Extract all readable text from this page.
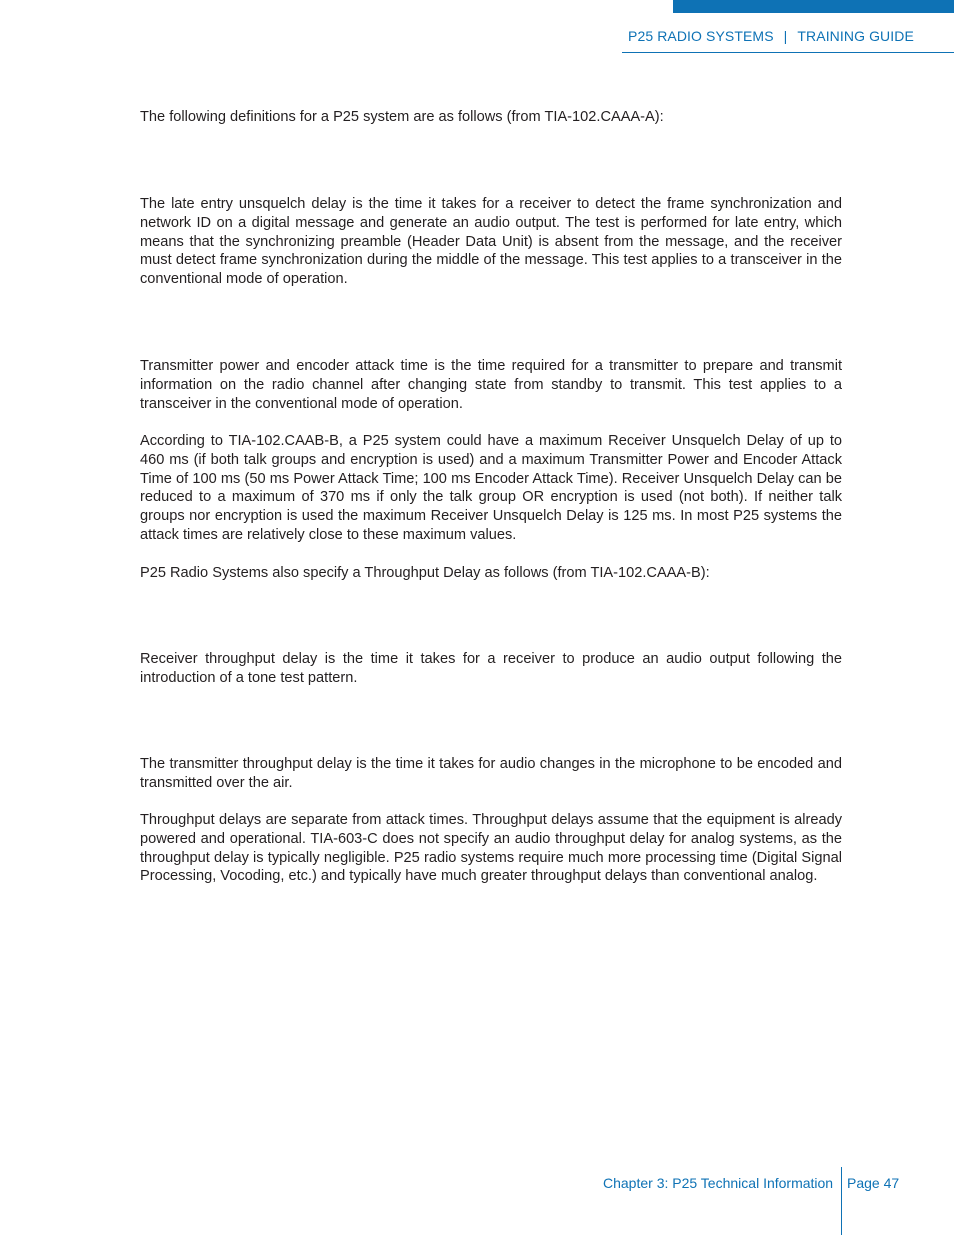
P25 RADIO SYSTEMS | TRAINING GUIDE

The following definitions for a P25 system are as follows (from TIA-102.CAAA-A):

The late entry unsquelch delay is the time it takes for a receiver to detect the frame synchronization and network ID on a digital message and generate an audio output. The test is performed for late entry, which means that the synchronizing preamble (Header Data Unit) is absent from the message, and the receiver must detect frame synchronization during the middle of the message. This test applies to a transceiver in the conventional mode of operation.

Transmitter power and encoder attack time is the time required for a transmitter to prepare and transmit information on the radio channel after changing state from standby to transmit. This test applies to a transceiver in the conventional mode of operation.

According to TIA-102.CAAB-B, a P25 system could have a maximum Receiver Unsquelch Delay of up to 460 ms (if both talk groups and encryption is used) and a maximum Transmitter Power and Encoder Attack Time of 100 ms (50 ms Power Attack Time; 100 ms Encoder Attack Time). Receiver Unsquelch Delay can be reduced to a maximum of 370 ms if only the talk group OR encryption is used (not both). If neither talk groups nor encryption is used the maximum Receiver Unsquelch Delay is 125 ms. In most P25 systems the attack times are relatively close to these maximum values.

P25 Radio Systems also specify a Throughput Delay as follows (from TIA-102.CAAA-B):

Receiver throughput delay is the time it takes for a receiver to produce an audio output following the introduction of a tone test pattern.

The transmitter throughput delay is the time it takes for audio changes in the microphone to be encoded and transmitted over the air.

Throughput delays are separate from attack times. Throughput delays assume that the equipment is already powered and operational. TIA-603-C does not specify an audio throughput delay for analog systems, as the throughput delay is typically negligible. P25 radio systems require much more processing time (Digital Signal Processing, Vocoding, etc.) and typically have much greater throughput delays than conventional analog.

Chapter 3: P25 Technical Information Page 47
